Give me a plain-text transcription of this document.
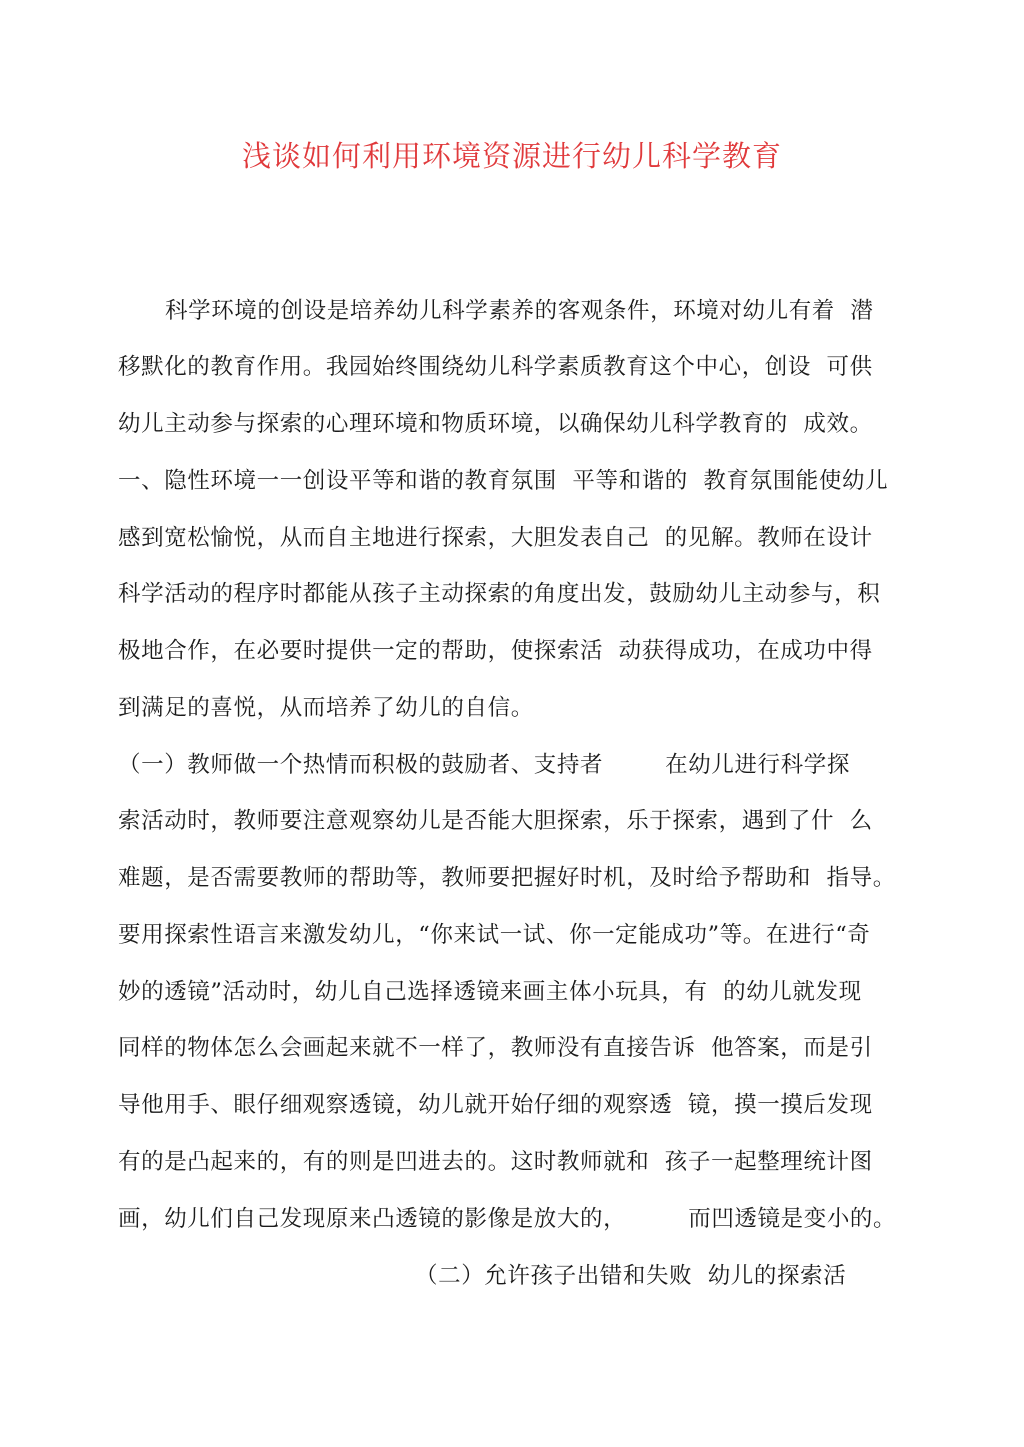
浅谈如何利用环境资源进行幼儿科学教育
科学环境的创设是培养幼儿科学素养的客观条件，环境对幼儿有着  潜
移默化的教育作用。我园始终围绕幼儿科学素质教育这个中心，创设  可供
幼儿主动参与探索的心理环境和物质环境，以确保幼儿科学教育的  成效。
一、隐性环境一一创设平等和谐的教育氛围  平等和谐的  教育氛围能使幼儿
感到宽松愉悦，从而自主地进行探索，大胆发表自己  的见解。教师在设计
科学活动的程序时都能从孩子主动探索的角度出发，鼓励幼儿主动参与，积
极地合作，在必要时提供一定的帮助，使探索活  动获得成功，在成功中得
到满足的喜悦，从而培养了幼儿的自信。
（一）教师做一个热情而积极的鼓励者、支持者        在幼儿进行科学探
索活动时，教师要注意观察幼儿是否能大胆探索，乐于探索，遇到了什  么
难题，是否需要教师的帮助等，教师要把握好时机，及时给予帮助和  指导。
要用探索性语言来激发幼儿，“你来试一试、你一定能成功”等。在进行“奇
妙的透镜”活动时，幼儿自己选择透镜来画主体小玩具，有  的幼儿就发现
同样的物体怎么会画起来就不一样了，教师没有直接告诉  他答案，而是引
导他用手、眼仔细观察透镜，幼儿就开始仔细的观察透  镜，摸一摸后发现
有的是凸起来的，有的则是凹进去的。这时教师就和  孩子一起整理统计图
画，幼儿们自己发现原来凸透镜的影像是放大的，        而凹透镜是变小的。
（二）允许孩子出错和失败  幼儿的探索活
